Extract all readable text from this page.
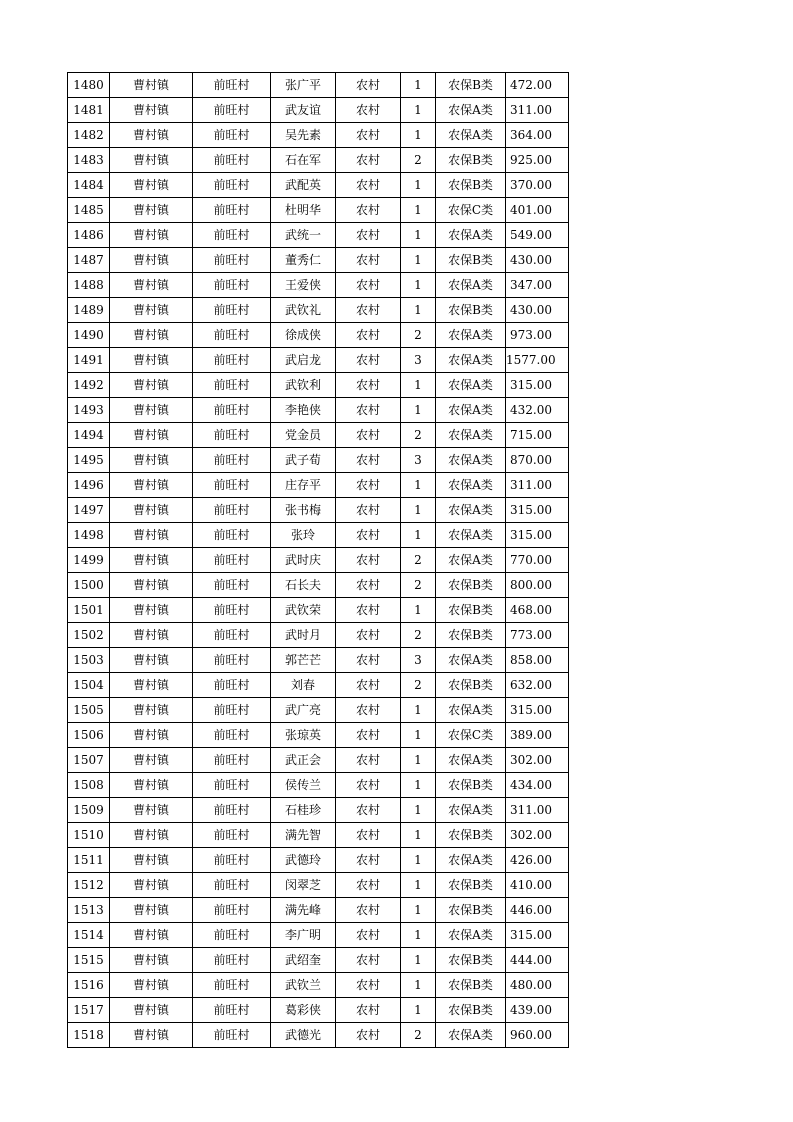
1480	曹村镇	前旺村	张广平	农村	1	农保B类	472.00
1481	曹村镇	前旺村	武友谊	农村	1	农保A类	311.00
1482	曹村镇	前旺村	吴先素	农村	1	农保A类	364.00
1483	曹村镇	前旺村	石在军	农村	2	农保B类	925.00
1484	曹村镇	前旺村	武配英	农村	1	农保B类	370.00
1485	曹村镇	前旺村	杜明华	农村	1	农保C类	401.00
1486	曹村镇	前旺村	武统一	农村	1	农保A类	549.00
1487	曹村镇	前旺村	董秀仁	农村	1	农保B类	430.00
1488	曹村镇	前旺村	王爱侠	农村	1	农保A类	347.00
1489	曹村镇	前旺村	武钦礼	农村	1	农保B类	430.00
1490	曹村镇	前旺村	徐成侠	农村	2	农保A类	973.00
1491	曹村镇	前旺村	武启龙	农村	3	农保A类	1577.00
1492	曹村镇	前旺村	武钦利	农村	1	农保A类	315.00
1493	曹村镇	前旺村	李艳侠	农村	1	农保A类	432.00
1494	曹村镇	前旺村	党金员	农村	2	农保A类	715.00
1495	曹村镇	前旺村	武子荀	农村	3	农保A类	870.00
1496	曹村镇	前旺村	庄存平	农村	1	农保A类	311.00
1497	曹村镇	前旺村	张书梅	农村	1	农保A类	315.00
1498	曹村镇	前旺村	张玲	农村	1	农保A类	315.00
1499	曹村镇	前旺村	武时庆	农村	2	农保A类	770.00
1500	曹村镇	前旺村	石长夫	农村	2	农保B类	800.00
1501	曹村镇	前旺村	武钦荣	农村	1	农保B类	468.00
1502	曹村镇	前旺村	武时月	农村	2	农保B类	773.00
1503	曹村镇	前旺村	郭芒芒	农村	3	农保A类	858.00
1504	曹村镇	前旺村	刘春	农村	2	农保B类	632.00
1505	曹村镇	前旺村	武广亮	农村	1	农保A类	315.00
1506	曹村镇	前旺村	张琼英	农村	1	农保C类	389.00
1507	曹村镇	前旺村	武正会	农村	1	农保A类	302.00
1508	曹村镇	前旺村	侯传兰	农村	1	农保B类	434.00
1509	曹村镇	前旺村	石桂珍	农村	1	农保A类	311.00
1510	曹村镇	前旺村	满先智	农村	1	农保B类	302.00
1511	曹村镇	前旺村	武德玲	农村	1	农保A类	426.00
1512	曹村镇	前旺村	闵翠芝	农村	1	农保B类	410.00
1513	曹村镇	前旺村	满先峰	农村	1	农保B类	446.00
1514	曹村镇	前旺村	李广明	农村	1	农保A类	315.00
1515	曹村镇	前旺村	武绍奎	农村	1	农保B类	444.00
1516	曹村镇	前旺村	武钦兰	农村	1	农保B类	480.00
1517	曹村镇	前旺村	葛彩侠	农村	1	农保B类	439.00
1518	曹村镇	前旺村	武德光	农村	2	农保A类	960.00
